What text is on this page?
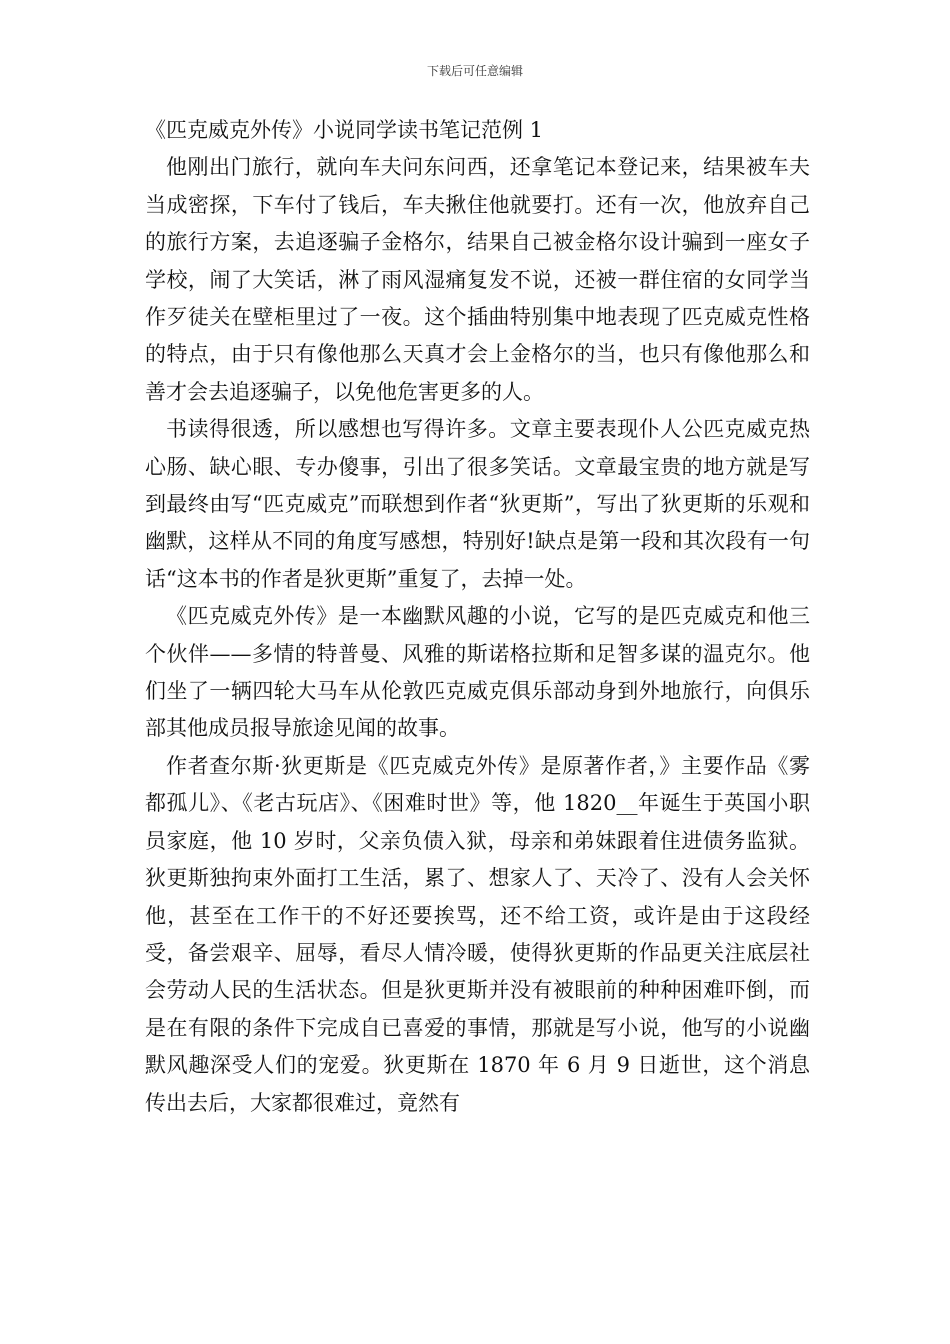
下载后可任意编辑
《匹克威克外传》小说同学读书笔记范例 1

他刚出门旅行，就向车夫问东问西，还拿笔记本登记来，结果被车夫当成密探，下车付了钱后，车夫揪住他就要打。还有一次，他放弃自己的旅行方案，去追逐骗子金格尔，结果自己被金格尔设计骗到一座女子学校，闹了大笑话，淋了雨风湿痛复发不说，还被一群住宿的女同学当作歹徒关在壁柜里过了一夜。这个插曲特别集中地表现了匹克威克性格的特点，由于只有像他那么天真才会上金格尔的当，也只有像他那么和善才会去追逐骗子，以免他危害更多的人。

书读得很透，所以感想也写得许多。文章主要表现仆人公匹克威克热心肠、缺心眼、专办傻事，引出了很多笑话。文章最宝贵的地方就是写到最终由写“匹克威克”而联想到作者“狄更斯”，写出了狄更斯的乐观和幽默，这样从不同的角度写感想，特别好!缺点是第一段和其次段有一句话“这本书的作者是狄更斯”重复了，去掉一处。

《匹克威克外传》是一本幽默风趣的小说，它写的是匹克威克和他三个伙伴——多情的特普曼、风雅的斯诺格拉斯和足智多谋的温克尔。他们坐了一辆四轮大马车从伦敦匹克威克俱乐部动身到外地旅行，向俱乐部其他成员报导旅途见闻的故事。

作者查尔斯·狄更斯是《匹克威克外传》是原著作者，》主要作品《雾都孤儿》、《老古玩店》、《困难时世》等，他 1820__年诞生于英国小职员家庭，他 10 岁时，父亲负债入狱，母亲和弟妹跟着住进债务监狱。狄更斯独拘束外面打工生活，累了、想家人了、天冷了、没有人会关怀他，甚至在工作干的不好还要挨骂，还不给工资，或许是由于这段经受，备尝艰辛、屈辱，看尽人情冷暖，使得狄更斯的作品更关注底层社会劳动人民的生活状态。但是狄更斯并没有被眼前的种种困难吓倒，而是在有限的条件下完成自已喜爱的事情，那就是写小说，他写的小说幽默风趣深受人们的宠爱。狄更斯在 1870 年 6 月 9 日逝世，这个消息传出去后，大家都很难过，竟然有
